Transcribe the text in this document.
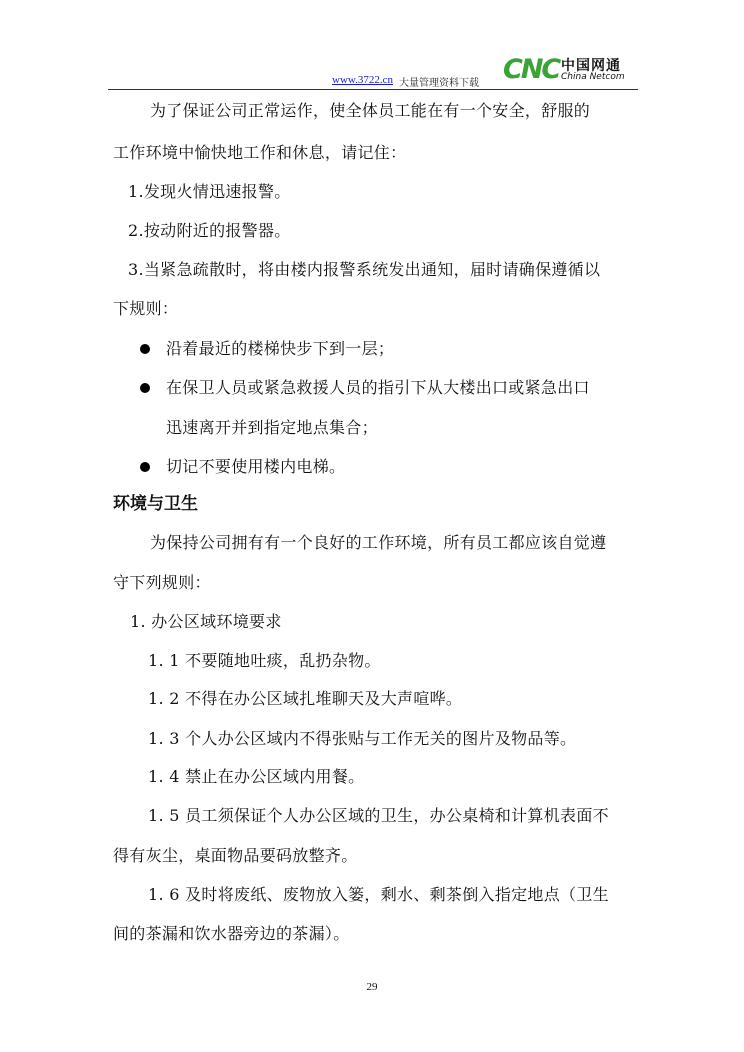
www.3722.cn 大量管理资料下载 CNC 中国网通
China Netcom
为了保证公司正常运作，使全体员工能在有一个安全，舒服的
工作环境中愉快地工作和休息，请记住：
1.发现火情迅速报警。
2.按动附近的报警器。
3.当紧急疏散时，将由楼内报警系统发出通知，届时请确保遵循以
下规则：
沿着最近的楼梯快步下到一层；
在保卫人员或紧急救援人员的指引下从大楼出口或紧急出口
迅速离开并到指定地点集合；
切记不要使用楼内电梯。
环境与卫生
为保持公司拥有有一个良好的工作环境，所有员工都应该自觉遵
守下列规则：
1. 办公区域环境要求
1. 1 不要随地吐痰，乱扔杂物。
1. 2 不得在办公区域扎堆聊天及大声喧哗。
1. 3 个人办公区域内不得张贴与工作无关的图片及物品等。
1. 4 禁止在办公区域内用餐。
1. 5 员工须保证个人办公区域的卫生，办公桌椅和计算机表面不
得有灰尘，桌面物品要码放整齐。
1. 6 及时将废纸、废物放入篓，剩水、剩茶倒入指定地点（卫生
间的茶漏和饮水器旁边的茶漏）。
29
